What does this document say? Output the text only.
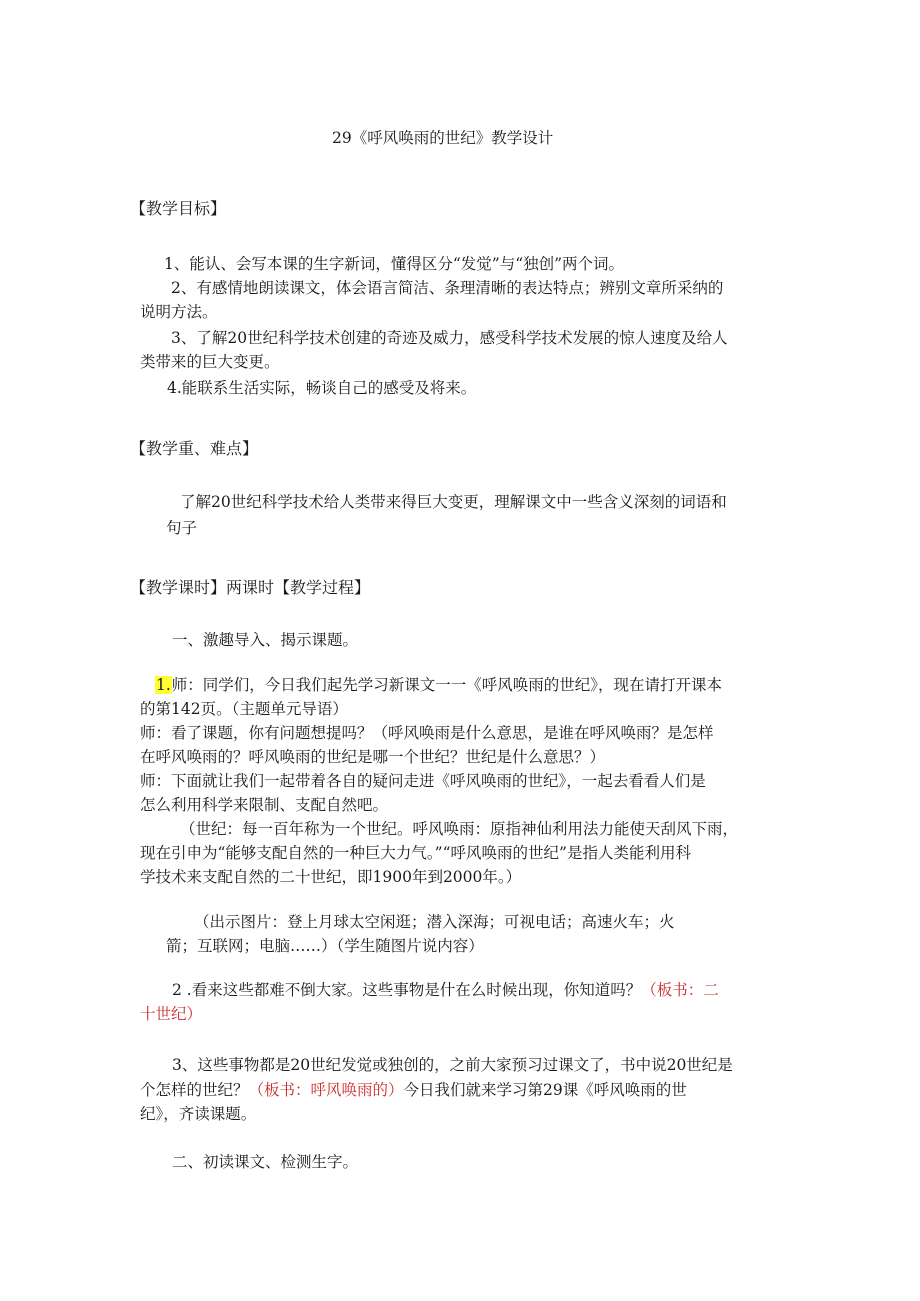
29《呼风唤雨的世纪》教学设计

【教学目标】

1、能认、会写本课的生字新词，懂得区分“发觉”与“独创”两个词。

2、有感情地朗读课文，体会语言简洁、条理清晰的表达特点；辨别文章所采纳的

说明方法。

3、了解20世纪科学技术创建的奇迹及威力，感受科学技术发展的惊人速度及给人

类带来的巨大变更。

4.能联系生活实际，畅谈自己的感受及将来。

【教学重、难点】

了解20世纪科学技术给人类带来得巨大变更，理解课文中一些含义深刻的词语和

句子

【教学课时】两课时【教学过程】

一、激趣导入、揭示课题。

1.师：同学们，今日我们起先学习新课文一一《呼风唤雨的世纪》，现在请打开课本

的第142页。（主题单元导语）

师：看了课题，你有问题想提吗？（呼风唤雨是什么意思，是谁在呼风唤雨？是怎样

在呼风唤雨的？呼风唤雨的世纪是哪一个世纪？世纪是什么意思？）

师：下面就让我们一起带着各自的疑问走进《呼风唤雨的世纪》，一起去看看人们是

怎么利用科学来限制、支配自然吧。

（世纪：每一百年称为一个世纪。呼风唤雨：原指神仙利用法力能使天刮风下雨，

现在引申为“能够支配自然的一种巨大力气。”“呼风唤雨的世纪”是指人类能利用科

学技术来支配自然的二十世纪，即1900年到2000年。）

（出示图片：登上月球太空闲逛；潜入深海；可视电话；高速火车；火

箭；互联网；电脑……）（学生随图片说内容）

2 .看来这些都难不倒大家。这些事物是什在么时候出现，你知道吗？（板书：二

十世纪）

3、这些事物都是20世纪发觉或独创的，之前大家预习过课文了，书中说20世纪是

个怎样的世纪？（板书：呼风唤雨的）今日我们就来学习第29课《呼风唤雨的世

纪》，齐读课题。

二、初读课文、检测生字。
